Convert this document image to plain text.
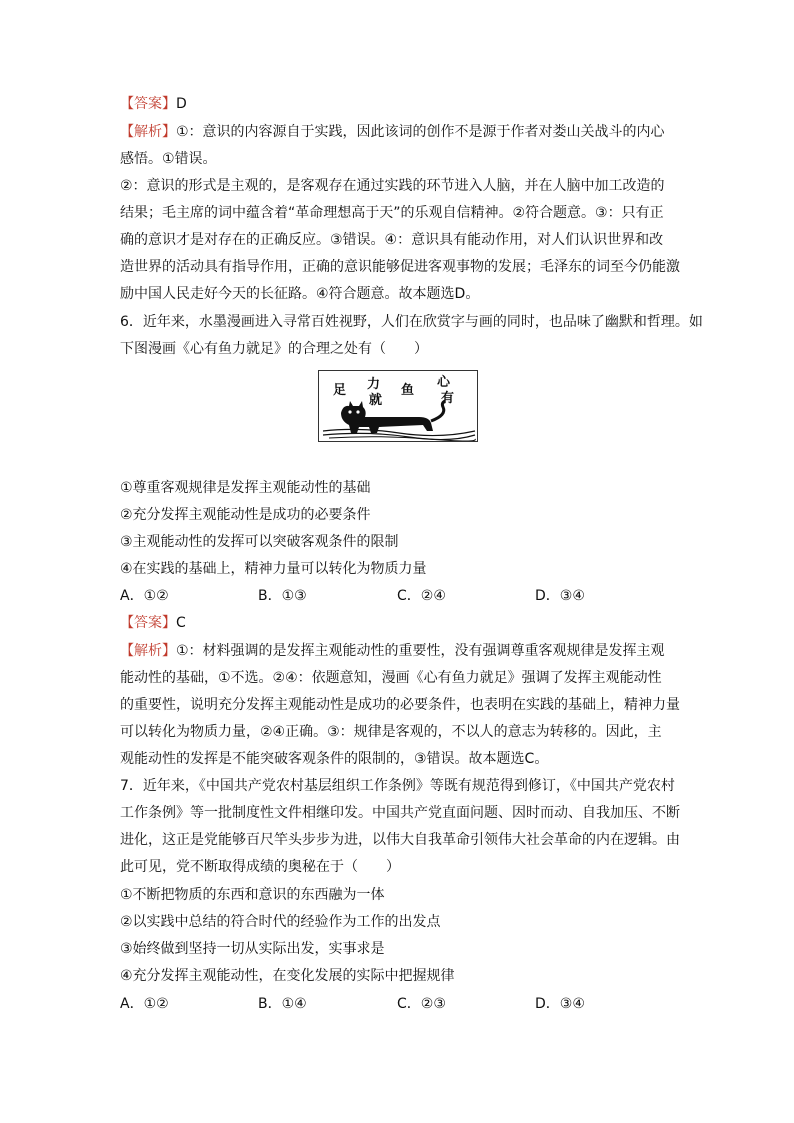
【答案】D
【解析】①：意识的内容源自于实践，因此该词的创作不是源于作者对娄山关战斗的内心
感悟。①错误。
②：意识的形式是主观的，是客观存在通过实践的环节进入人脑，并在人脑中加工改造的
结果；毛主席的词中蕴含着“革命理想高于天”的乐观自信精神。②符合题意。③：只有正
确的意识才是对存在的正确反应。③错误。④：意识具有能动作用，对人们认识世界和改
造世界的活动具有指导作用，正确的意识能够促进客观事物的发展；毛泽东的词至今仍能激
励中国人民走好今天的长征路。④符合题意。故本题选D。
6．近年来，水墨漫画进入寻常百姓视野，人们在欣赏字与画的同时，也品味了幽默和哲理。如
下图漫画《心有鱼力就足》的合理之处有（　　）
足 力 鱼
心
就	有
①尊重客观规律是发挥主观能动性的基础
②充分发挥主观能动性是成功的必要条件
③主观能动性的发挥可以突破客观条件的限制
④在实践的基础上，精神力量可以转化为物质力量
A．①②	B．①③	C．②④	D．③④
【答案】C
【解析】①：材料强调的是发挥主观能动性的重要性，没有强调尊重客观规律是发挥主观
能动性的基础，①不选。②④：依题意知，漫画《心有鱼力就足》强调了发挥主观能动性
的重要性，说明充分发挥主观能动性是成功的必要条件，也表明在实践的基础上，精神力量
可以转化为物质力量，②④正确。③：规律是客观的，不以人的意志为转移的。因此，主
观能动性的发挥是不能突破客观条件的限制的，③错误。故本题选C。
7．近年来，《中国共产党农村基层组织工作条例》等既有规范得到修订，《中国共产党农村
工作条例》等一批制度性文件相继印发。中国共产党直面问题、因时而动、自我加压、不断
进化，这正是党能够百尺竿头步步为进，以伟大自我革命引领伟大社会革命的内在逻辑。由
此可见，党不断取得成绩的奥秘在于（　　）
①不断把物质的东西和意识的东西融为一体
②以实践中总结的符合时代的经验作为工作的出发点
③始终做到坚持一切从实际出发，实事求是
④充分发挥主观能动性，在变化发展的实际中把握规律
A．①②	B．①④	C．②③	D．③④
